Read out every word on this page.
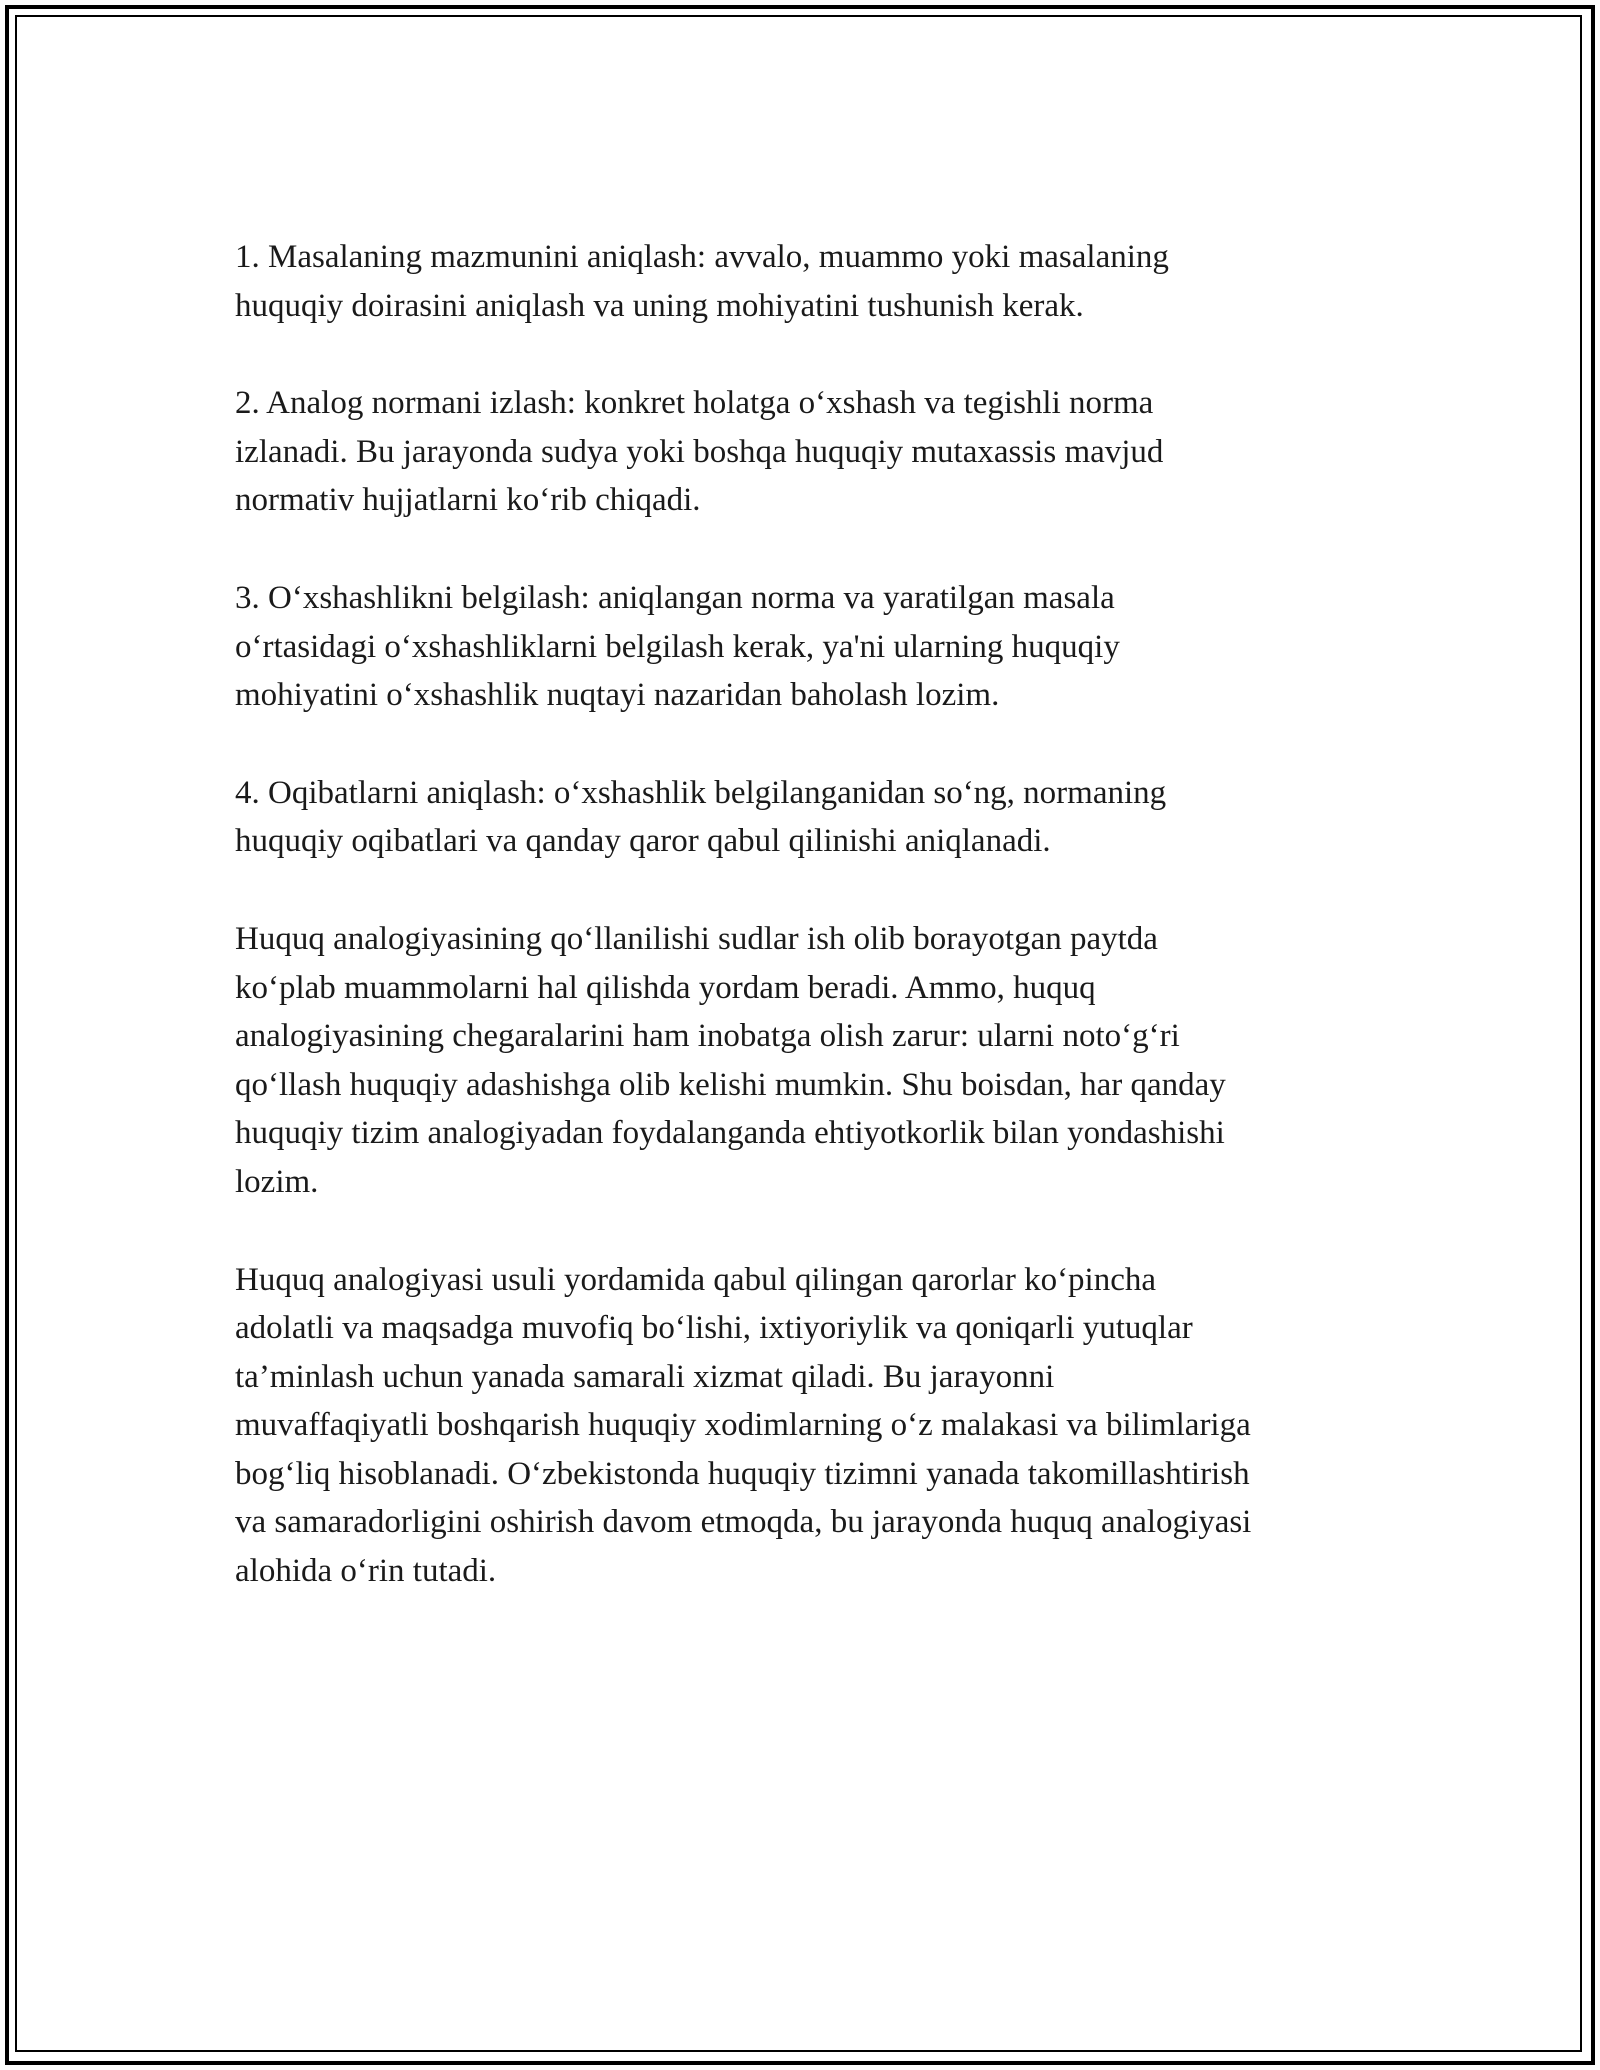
1. Masalaning mazmunini aniqlash: avvalo, muammo yoki masalaning
huquqiy doirasini aniqlash va uning mohiyatini tushunish kerak.

2. Analog normani izlash: konkret holatga o‘xshash va tegishli norma
izlanadi. Bu jarayonda sudya yoki boshqa huquqiy mutaxassis mavjud
normativ hujjatlarni ko‘rib chiqadi.

3. O‘xshashlikni belgilash: aniqlangan norma va yaratilgan masala
o‘rtasidagi o‘xshashliklarni belgilash kerak, ya'ni ularning huquqiy
mohiyatini o‘xshashlik nuqtayi nazaridan baholash lozim.

4. Oqibatlarni aniqlash: o‘xshashlik belgilanganidan so‘ng, normaning
huquqiy oqibatlari va qanday qaror qabul qilinishi aniqlanadi.

Huquq analogiyasining qo‘llanilishi sudlar ish olib borayotgan paytda
ko‘plab muammolarni hal qilishda yordam beradi. Ammo, huquq
analogiyasining chegaralarini ham inobatga olish zarur: ularni noto‘g‘ri
qo‘llash huquqiy adashishga olib kelishi mumkin. Shu boisdan, har qanday
huquqiy tizim analogiyadan foydalanganda ehtiyotkorlik bilan yondashishi
lozim.

Huquq analogiyasi usuli yordamida qabul qilingan qarorlar ko‘pincha
adolatli va maqsadga muvofiq bo‘lishi, ixtiyoriylik va qoniqarli yutuqlar
ta’minlash uchun yanada samarali xizmat qiladi. Bu jarayonni
muvaffaqiyatli boshqarish huquqiy xodimlarning o‘z malakasi va bilimlariga
bog‘liq hisoblanadi. O‘zbekistonda huquqiy tizimni yanada takomillashtirish
va samaradorligini oshirish davom etmoqda, bu jarayonda huquq analogiyasi
alohida o‘rin tutadi.
